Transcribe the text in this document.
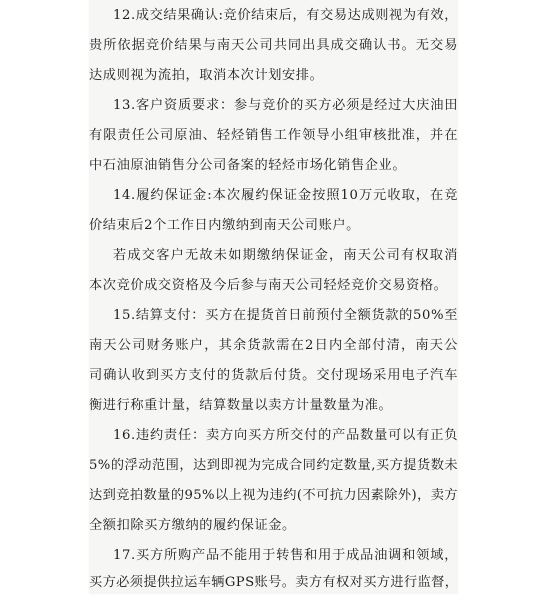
12.成交结果确认:竞价结束后，有交易达成则视为有效，
贵所依据竞价结果与南天公司共同出具成交确认书。无交易
达成则视为流拍，取消本次计划安排。
13.客户资质要求：参与竞价的买方必须是经过大庆油田
有限责任公司原油、轻烃销售工作领导小组审核批准，并在
中石油原油销售分公司备案的轻烃市场化销售企业。
14.履约保证金:本次履约保证金按照10万元收取，在竞
价结束后2个工作日内缴纳到南天公司账户。
若成交客户无故未如期缴纳保证金，南天公司有权取消
本次竞价成交资格及今后参与南天公司轻烃竞价交易资格。
15.结算支付：买方在提货首日前预付全额货款的50%至
南天公司财务账户，其余货款需在2日内全部付清，南天公
司确认收到买方支付的货款后付货。交付现场采用电子汽车
衡进行称重计量，结算数量以卖方计量数量为准。
16.违约责任：卖方向买方所交付的产品数量可以有正负
5%的浮动范围，达到即视为完成合同约定数量,买方提货数未
达到竞拍数量的95%以上视为违约(不可抗力因素除外)，卖方
全额扣除买方缴纳的履约保证金。
17.买方所购产品不能用于转售和用于成品油调和领域，
买方必须提供拉运车辆GPS账号。卖方有权对买方进行监督，
